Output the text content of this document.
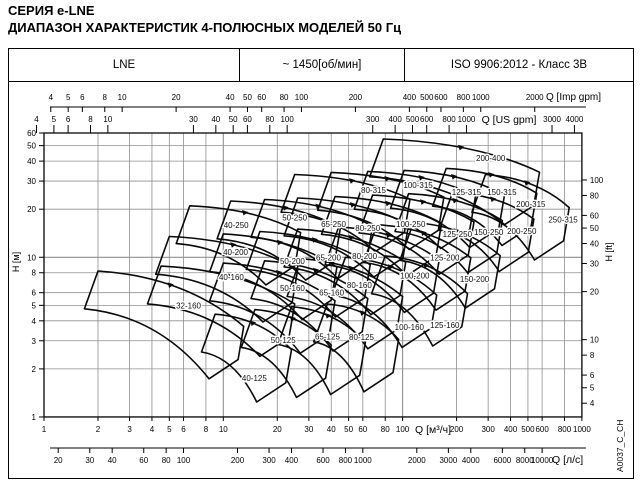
СЕРИЯ e-LNE
ДИАПАЗОН ХАРАКТЕРИСТИК 4-ПОЛЮСНЫХ МОДЕЛЕЙ 50 Гц
LNE	~ 1450[об/мин]	ISO 9906:2012 - Класс 3В
32-160
40-125
40-160
40-200
40-250
50-125
50-160
50-200
50-250
65-125
65-160
65-200
65-250
80-125
80-160
80-200
80-250
80-315
100-160
100-200
100-250
100-315
125-160
125-200
125-250
125-315
150-200
150-250
150-315
200-250
200-315
200-400
250-315
4 5 6 8 10	20	40 50 60 80 100	200	400 500 600 800 1000	2000 Q [Imp gpm]
4 5 6 8 10	30 40 50 60 80 100	300 400 500 600 800 1000	3000 4000
Q [US gpm]
1	2	3 4 5 6 8 10	20	30 40 50 60 80 100	200 300 400 500 600 800 1000
Q [м³/ч]
20	30 40	60 80 100	200 300 400 600 800 1000	2000 3000 4000 6000 8000
10000
Q [л/с]
60
50
40
30
20
10
8
6
5
4
3
2
1
H [м]
100
80
60
50
40
30
20
10
8
6
5
4
H [ft]
A0037_C_CH
